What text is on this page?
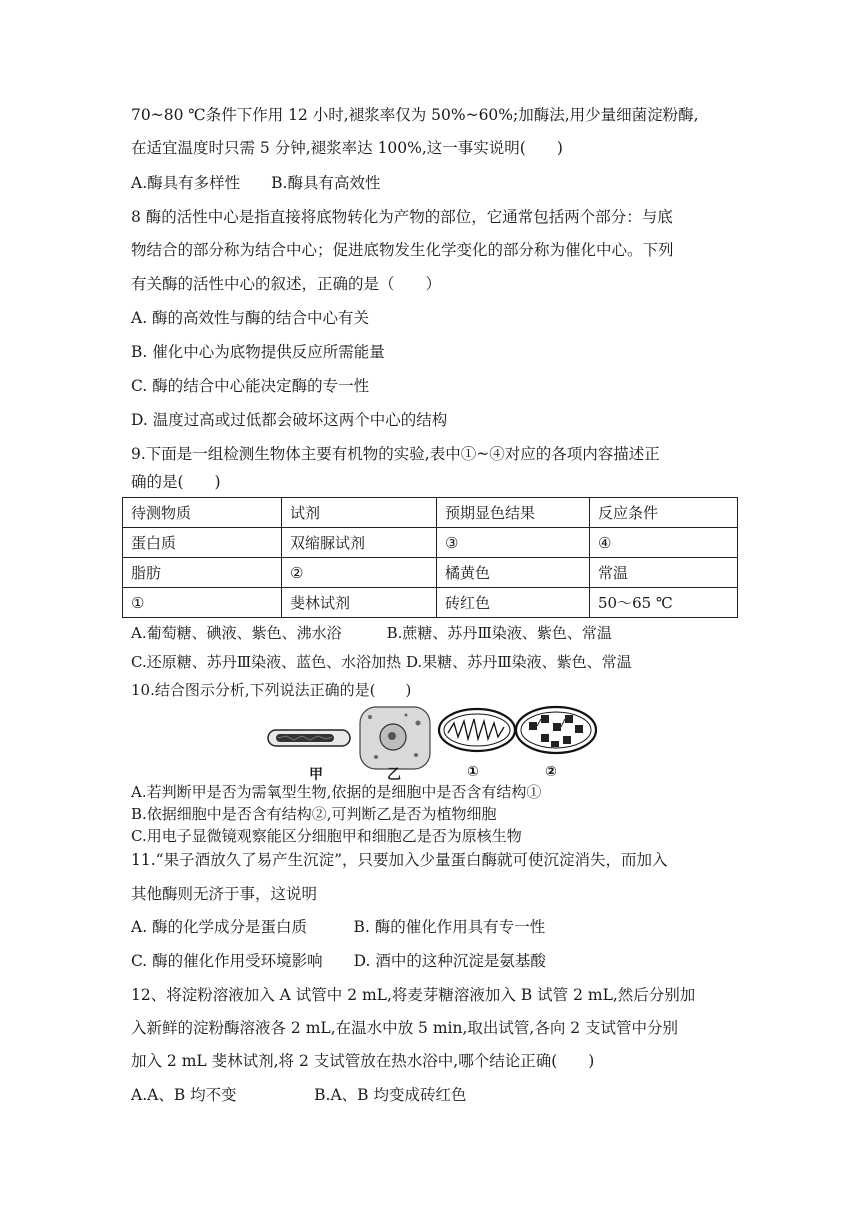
70~80 ℃条件下作用 12 小时,褪浆率仅为 50%~60%;加酶法,用少量细菌淀粉酶,
在适宜温度时只需 5 分钟,褪浆率达 100%,这一事实说明(　　)
A.酶具有多样性　　B.酶具有高效性
8 酶的活性中心是指直接将底物转化为产物的部位，它通常包括两个部分：与底
物结合的部分称为结合中心；促进底物发生化学变化的部分称为催化中心。下列
有关酶的活性中心的叙述，正确的是（　　）
A. 酶的高效性与酶的结合中心有关
B. 催化中心为底物提供反应所需能量
C. 酶的结合中心能决定酶的专一性
D. 温度过高或过低都会破坏这两个中心的结构
9.下面是一组检测生物体主要有机物的实验,表中①~④对应的各项内容描述正
确的是(　　)
待测物质	试剂	预期显色结果	反应条件
蛋白质	双缩脲试剂	③	④
脂肪	②	橘黄色	常温
①	斐林试剂	砖红色	50～65 ℃
A.葡萄糖、碘液、紫色、沸水浴　　　B.蔗糖、苏丹Ⅲ染液、紫色、常温
C.还原糖、苏丹Ⅲ染液、蓝色、水浴加热 D.果糖、苏丹Ⅲ染液、紫色、常温
10.结合图示分析,下列说法正确的是(　　)
甲	乙	①	②
A.若判断甲是否为需氧型生物,依据的是细胞中是否含有结构①
B.依据细胞中是否含有结构②,可判断乙是否为植物细胞
C.用电子显微镜观察能区分细胞甲和细胞乙是否为原核生物
11.“果子酒放久了易产生沉淀”，只要加入少量蛋白酶就可使沉淀消失，而加入
其他酶则无济于事，这说明
A. 酶的化学成分是蛋白质　　　B. 酶的催化作用具有专一性
C. 酶的催化作用受环境影响　　D. 酒中的这种沉淀是氨基酸
12、将淀粉溶液加入 A 试管中 2 mL,将麦芽糖溶液加入 B 试管 2 mL,然后分别加
入新鲜的淀粉酶溶液各 2 mL,在温水中放 5 min,取出试管,各向 2 支试管中分别
加入 2 mL 斐林试剂,将 2 支试管放在热水浴中,哪个结论正确(　　)
A.A、B 均不变　　　　　B.A、B 均变成砖红色
